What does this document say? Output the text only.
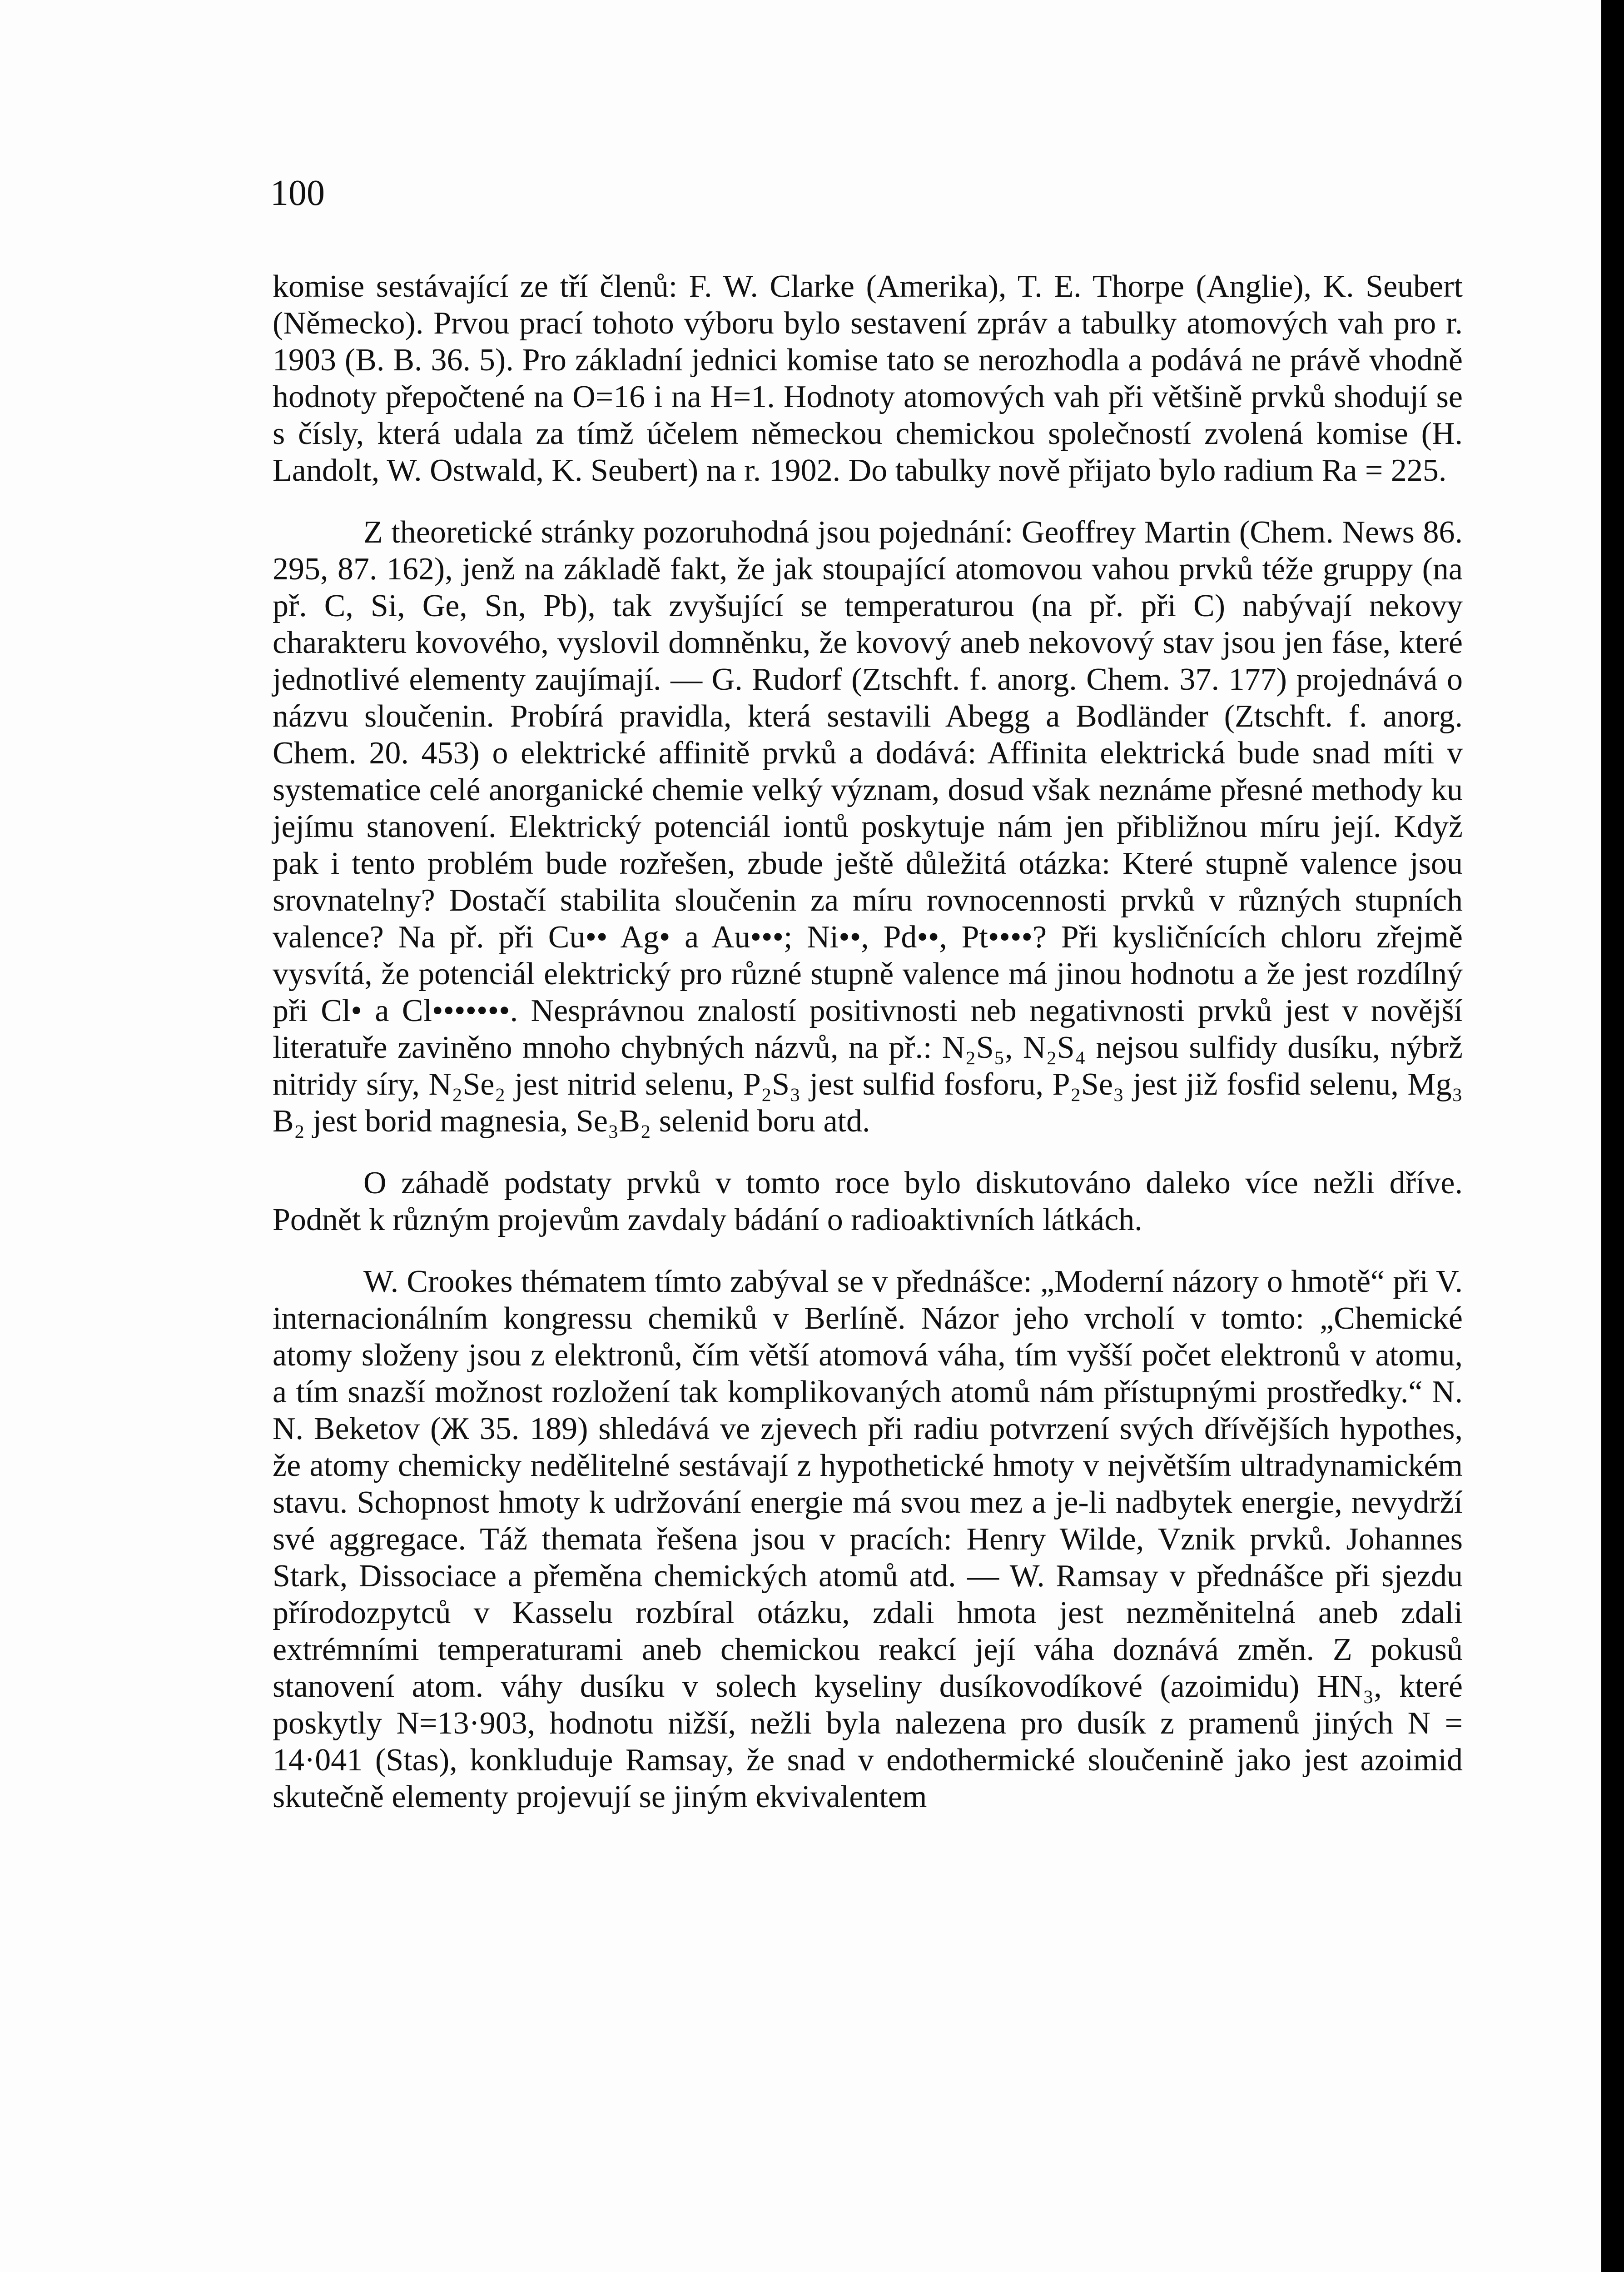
100

komise sestávající ze tří členů: F. W. Clarke (Amerika), T. E. Thorpe (Anglie), K. Seubert (Německo). Prvou prací tohoto výboru bylo sestavení zpráv a tabulky atomových vah pro r. 1903 (B. B. 36. 5). Pro základní jednici komise tato se nerozhodla a podává ne právě vhodně hodnoty přepočtené na O=16 i na H=1. Hodnoty atomových vah při většině prvků shodují se s čísly, která udala za tímž účelem německou chemickou společností zvolená komise (H. Landolt, W. Ostwald, K. Seubert) na r. 1902. Do tabulky nově přijato bylo radium Ra = 225.

Z theoretické stránky pozoruhodná jsou pojednání: Geoffrey Martin (Chem. News 86. 295, 87. 162), jenž na základě fakt, že jak stoupající atomovou vahou prvků téže gruppy (na př. C, Si, Ge, Sn, Pb), tak zvyšující se temperaturou (na př. při C) nabývají nekovy charakteru kovového, vyslovil domněnku, že kovový aneb nekovový stav jsou jen fáse, které jednotlivé elementy zaujímají. — G. Rudorf (Ztschft. f. anorg. Chem. 37. 177) projednává o názvu sloučenin. Probírá pravidla, která sestavili Abegg a Bodländer (Ztschft. f. anorg. Chem. 20. 453) o elektrické affinitě prvků a dodává: Affinita elektrická bude snad míti v systematice celé anorganické chemie velký význam, dosud však neznáme přesné methody ku jejímu stanovení. Elektrický potenciál iontů poskytuje nám jen přibližnou míru její. Když pak i tento problém bude rozřešen, zbude ještě důležitá otázka: Které stupně valence jsou srovnatelny? Dostačí stabilita sloučenin za míru rovnocennosti prvků v různých stupních valence? Na př. při Cu•• Ag• a Au•••; Ni••, Pd••, Pt••••? Při kysličnících chloru zřejmě vysvítá, že potenciál elektrický pro různé stupně valence má jinou hodnotu a že jest rozdílný při Cl• a Cl•••••••. Nesprávnou znalostí positivnosti neb negativnosti prvků jest v novější literatuře zaviněno mnoho chybných názvů, na př.: N₂S₅, N₂S₄ nejsou sulfidy dusíku, nýbrž nitridy síry, N₂Se₂ jest nitrid selenu, P₂S₃ jest sulfid fosforu, P₂Se₃ jest již fosfid selenu, Mg₃ B₂ jest borid magnesia, Se₃B₂ selenid boru atd.

O záhadě podstaty prvků v tomto roce bylo diskutováno daleko více nežli dříve. Podnět k různým projevům zavdaly bádání o radioaktivních látkách.

W. Crookes thématem tímto zabýval se v přednášce: „Moderní názory o hmotě“ při V. internacionálním kongressu chemiků v Berlíně. Názor jeho vrcholí v tomto: „Chemické atomy složeny jsou z elektronů, čím větší atomová váha, tím vyšší počet elektronů v atomu, a tím snazší možnost rozložení tak komplikovaných atomů nám přístupnými prostředky.“ N. N. Beketov (Ж 35. 189) shledává ve zjevech při radiu potvrzení svých dřívějších hypothes, že atomy chemicky nedělitelné sestávají z hypothetické hmoty v největším ultradynamickém stavu. Schopnost hmoty k udržování energie má svou mez a je-li nadbytek energie, nevydrží své aggregace. Táž themata řešena jsou v pracích: Henry Wilde, Vznik prvků. Johannes Stark, Dissociace a přeměna chemických atomů atd. — W. Ramsay v přednášce při sjezdu přírodozpytců v Kasselu rozbíral otázku, zdali hmota jest nezměnitelná aneb zdali extrémními temperaturami aneb chemickou reakcí její váha doznává změn. Z pokusů stanovení atom. váhy dusíku v solech kyseliny dusíkovodíkové (azoimidu) HN₃, které poskytly N=13·903, hodnotu nižší, nežli byla nalezena pro dusík z pramenů jiných N = 14·041 (Stas), konkluduje Ramsay, že snad v endothermické sloučenině jako jest azoimid skutečně elementy projevují se jiným ekvivalentem
